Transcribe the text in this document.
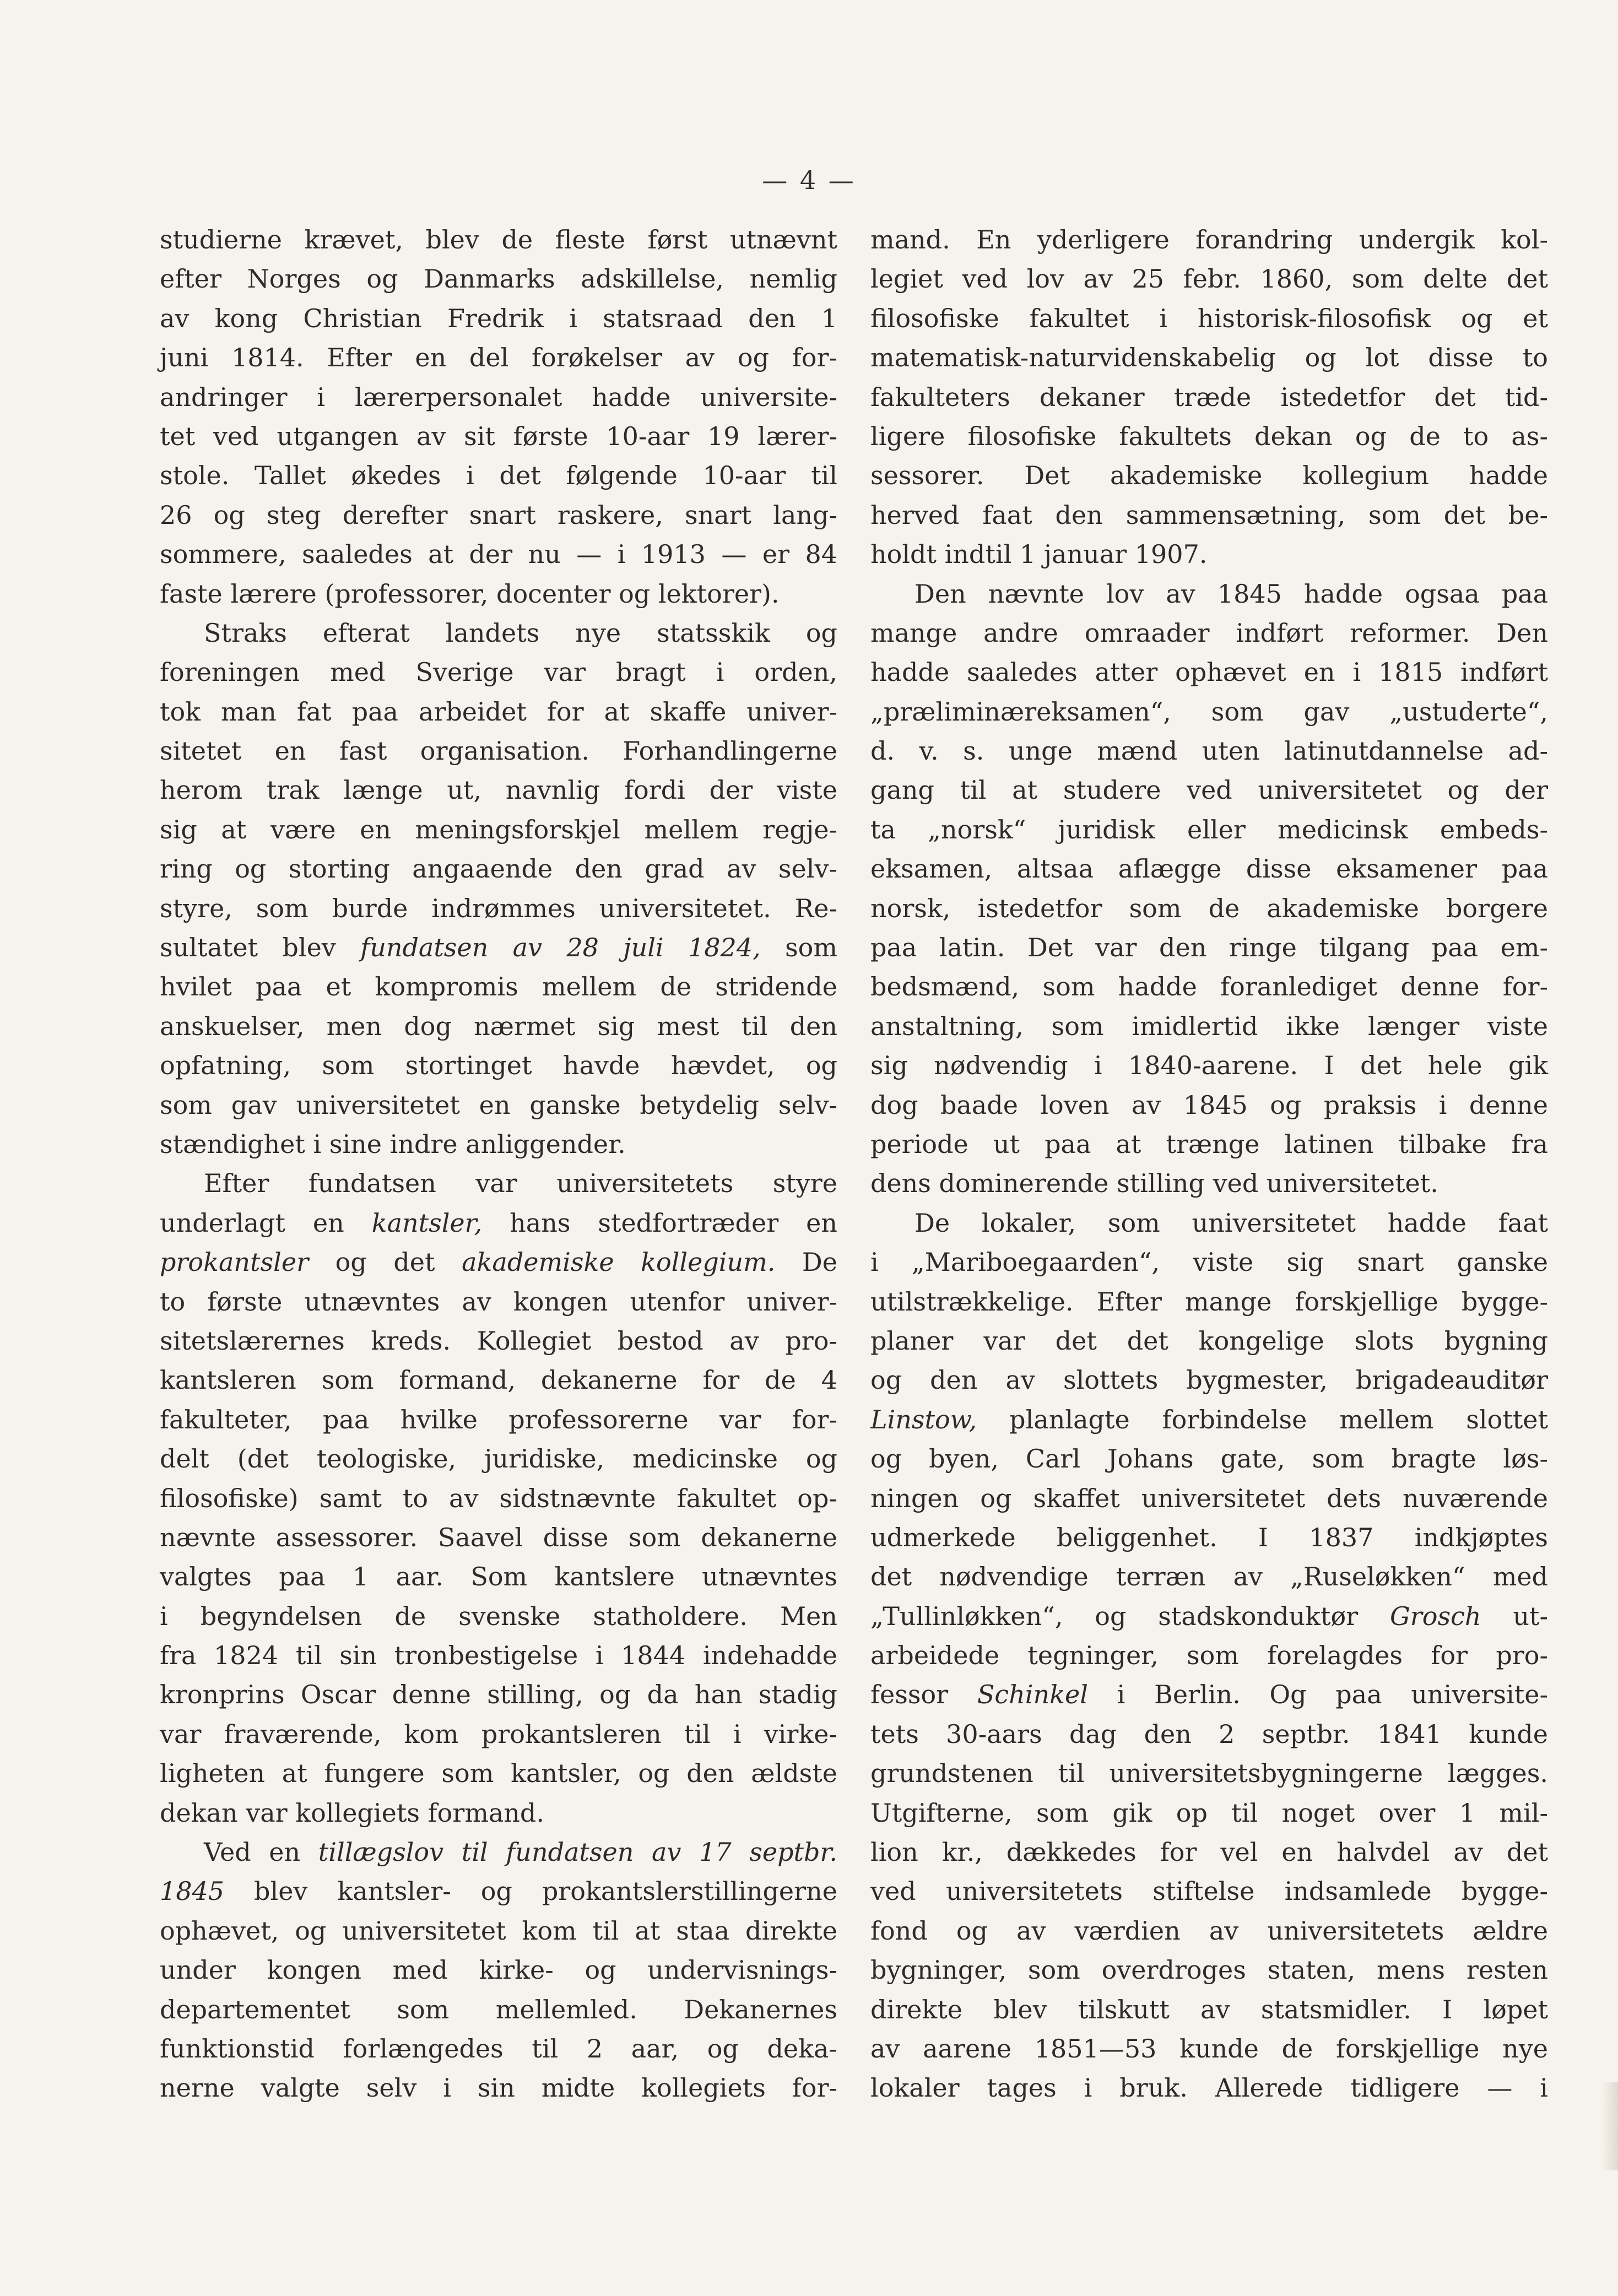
— 4 —
studierne krævet, blev de fleste først utnævnt
efter Norges og Danmarks adskillelse, nemlig
av kong Christian Fredrik i statsraad den 1
juni 1814. Efter en del forøkelser av og for-
andringer i lærerpersonalet hadde universite-
tet ved utgangen av sit første 10-aar 19 lærer-
stole. Tallet økedes i det følgende 10-aar til
26 og steg derefter snart raskere, snart lang-
sommere, saaledes at der nu — i 1913 — er 84
faste lærere (professorer, docenter og lektorer).
Straks efterat landets nye statsskik og
foreningen med Sverige var bragt i orden,
tok man fat paa arbeidet for at skaffe univer-
sitetet en fast organisation. Forhandlingerne
herom trak længe ut, navnlig fordi der viste
sig at være en meningsforskjel mellem regje-
ring og storting angaaende den grad av selv-
styre, som burde indrømmes universitetet. Re-
sultatet blev fundatsen av 28 juli 1824, som
hvilet paa et kompromis mellem de stridende
anskuelser, men dog nærmet sig mest til den
opfatning, som stortinget havde hævdet, og
som gav universitetet en ganske betydelig selv-
stændighet i sine indre anliggender.
Efter fundatsen var universitetets styre
underlagt en kantsler, hans stedfortræder en
prokantsler og det akademiske kollegium. De
to første utnævntes av kongen utenfor univer-
sitetslærernes kreds. Kollegiet bestod av pro-
kantsleren som formand, dekanerne for de 4
fakulteter, paa hvilke professorerne var for-
delt (det teologiske, juridiske, medicinske og
filosofiske) samt to av sidstnævnte fakultet op-
nævnte assessorer. Saavel disse som dekanerne
valgtes paa 1 aar. Som kantslere utnævntes
i begyndelsen de svenske statholdere. Men
fra 1824 til sin tronbestigelse i 1844 indehadde
kronprins Oscar denne stilling, og da han stadig
var fraværende, kom prokantsleren til i virke-
ligheten at fungere som kantsler, og den ældste
dekan var kollegiets formand.
Ved en tillægslov til fundatsen av 17 septbr.
1845 blev kantsler- og prokantslerstillingerne
ophævet, og universitetet kom til at staa direkte
under kongen med kirke- og undervisnings-
departementet som mellemled. Dekanernes
funktionstid forlængedes til 2 aar, og deka-
nerne valgte selv i sin midte kollegiets for-
mand. En yderligere forandring undergik kol-
legiet ved lov av 25 febr. 1860, som delte det
filosofiske fakultet i historisk-filosofisk og et
matematisk-naturvidenskabelig og lot disse to
fakulteters dekaner træde istedetfor det tid-
ligere filosofiske fakultets dekan og de to as-
sessorer. Det akademiske kollegium hadde
herved faat den sammensætning, som det be-
holdt indtil 1 januar 1907.
Den nævnte lov av 1845 hadde ogsaa paa
mange andre omraader indført reformer. Den
hadde saaledes atter ophævet en i 1815 indført
„præliminæreksamen“, som gav „ustuderte“,
d. v. s. unge mænd uten latinutdannelse ad-
gang til at studere ved universitetet og der
ta „norsk“ juridisk eller medicinsk embeds-
eksamen, altsaa aflægge disse eksamener paa
norsk, istedetfor som de akademiske borgere
paa latin. Det var den ringe tilgang paa em-
bedsmænd, som hadde foranlediget denne for-
anstaltning, som imidlertid ikke længer viste
sig nødvendig i 1840-aarene. I det hele gik
dog baade loven av 1845 og praksis i denne
periode ut paa at trænge latinen tilbake fra
dens dominerende stilling ved universitetet.
De lokaler, som universitetet hadde faat
i „Mariboegaarden“, viste sig snart ganske
utilstrækkelige. Efter mange forskjellige bygge-
planer var det det kongelige slots bygning
og den av slottets bygmester, brigadeauditør
Linstow, planlagte forbindelse mellem slottet
og byen, Carl Johans gate, som bragte løs-
ningen og skaffet universitetet dets nuværende
udmerkede beliggenhet. I 1837 indkjøptes
det nødvendige terræn av „Ruseløkken“ med
„Tullinløkken“, og stadskonduktør Grosch ut-
arbeidede tegninger, som forelagdes for pro-
fessor Schinkel i Berlin. Og paa universite-
tets 30-aars dag den 2 septbr. 1841 kunde
grundstenen til universitetsbygningerne lægges.
Utgifterne, som gik op til noget over 1 mil-
lion kr., dækkedes for vel en halvdel av det
ved universitetets stiftelse indsamlede bygge-
fond og av værdien av universitetets ældre
bygninger, som overdroges staten, mens resten
direkte blev tilskutt av statsmidler. I løpet
av aarene 1851—53 kunde de forskjellige nye
lokaler tages i bruk. Allerede tidligere — i
